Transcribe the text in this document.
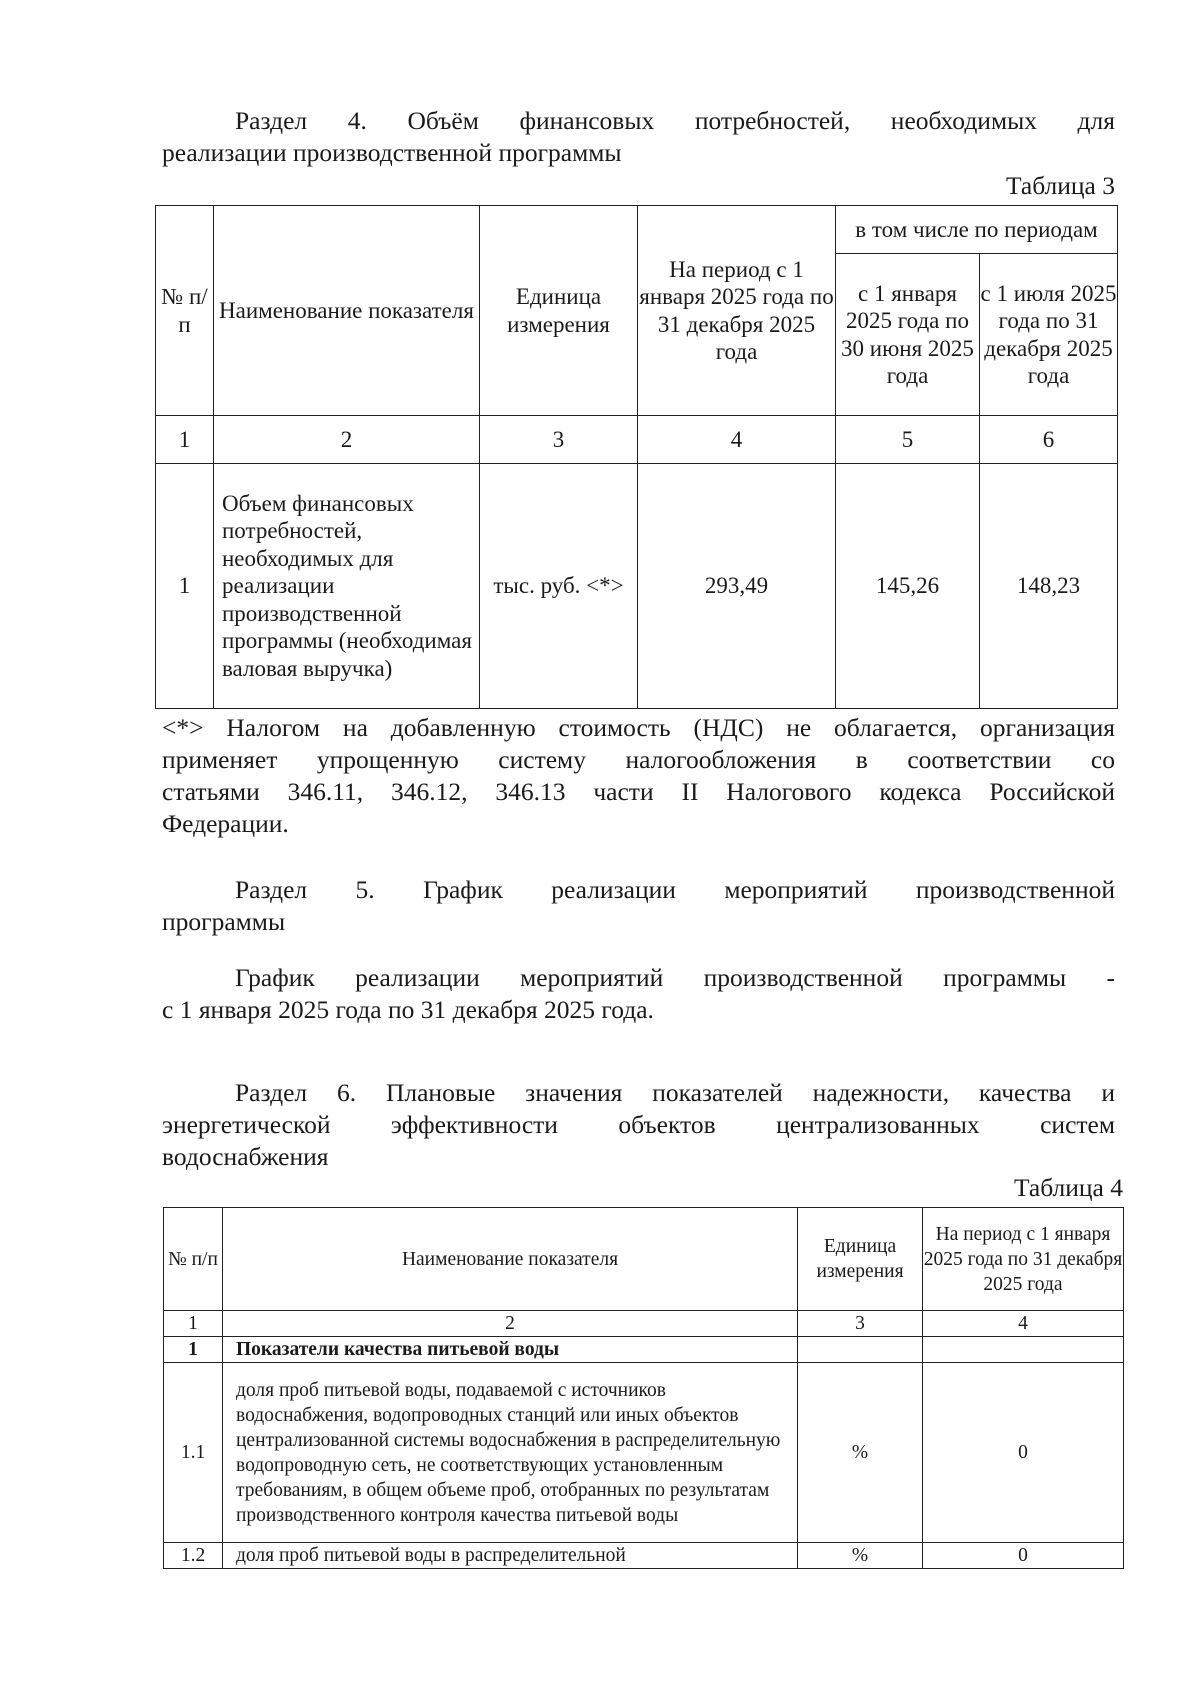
Раздел 4. Объём финансовых потребностей, необходимых для
реализации производственной программы
Таблица 3
№ п/п	Наименование показателя	Единица измерения	На период с 1 января 2025 года по 31 декабря 2025 года	в том числе по периодам	
				с 1 января 2025 года по 30 июня 2025 года	с 1 июля 2025 года по 31 декабря 2025 года
1	2	3	4	5	6
1	Объем финансовых потребностей, необходимых для реализации производственной программы (необходимая валовая выручка)	тыс. руб. <*>	293,49	145,26	148,23
<*> Налогом на добавленную стоимость (НДС) не облагается, организация
применяет упрощенную систему налогообложения в соответствии со
статьями 346.11, 346.12, 346.13 части II Налогового кодекса Российской
Федерации.
Раздел 5. График реализации мероприятий производственной
программы
График реализации мероприятий производственной программы -
с 1 января 2025 года по 31 декабря 2025 года.
Раздел 6. Плановые значения показателей надежности, качества и
энергетической эффективности объектов централизованных систем
водоснабжения
Таблица 4
№ п/п	Наименование показателя	Единица измерения	На период с 1 января 2025 года по 31 декабря 2025 года
1	2	3	4
1	Показатели качества питьевой воды		
1.1	доля проб питьевой воды, подаваемой с источников водоснабжения, водопроводных станций или иных объектов централизованной системы водоснабжения в распределительную водопроводную сеть, не соответствующих установленным требованиям, в общем объеме проб, отобранных по результатам производственного контроля качества питьевой воды	%	0
1.2	доля проб питьевой воды в распределительной	%	0
